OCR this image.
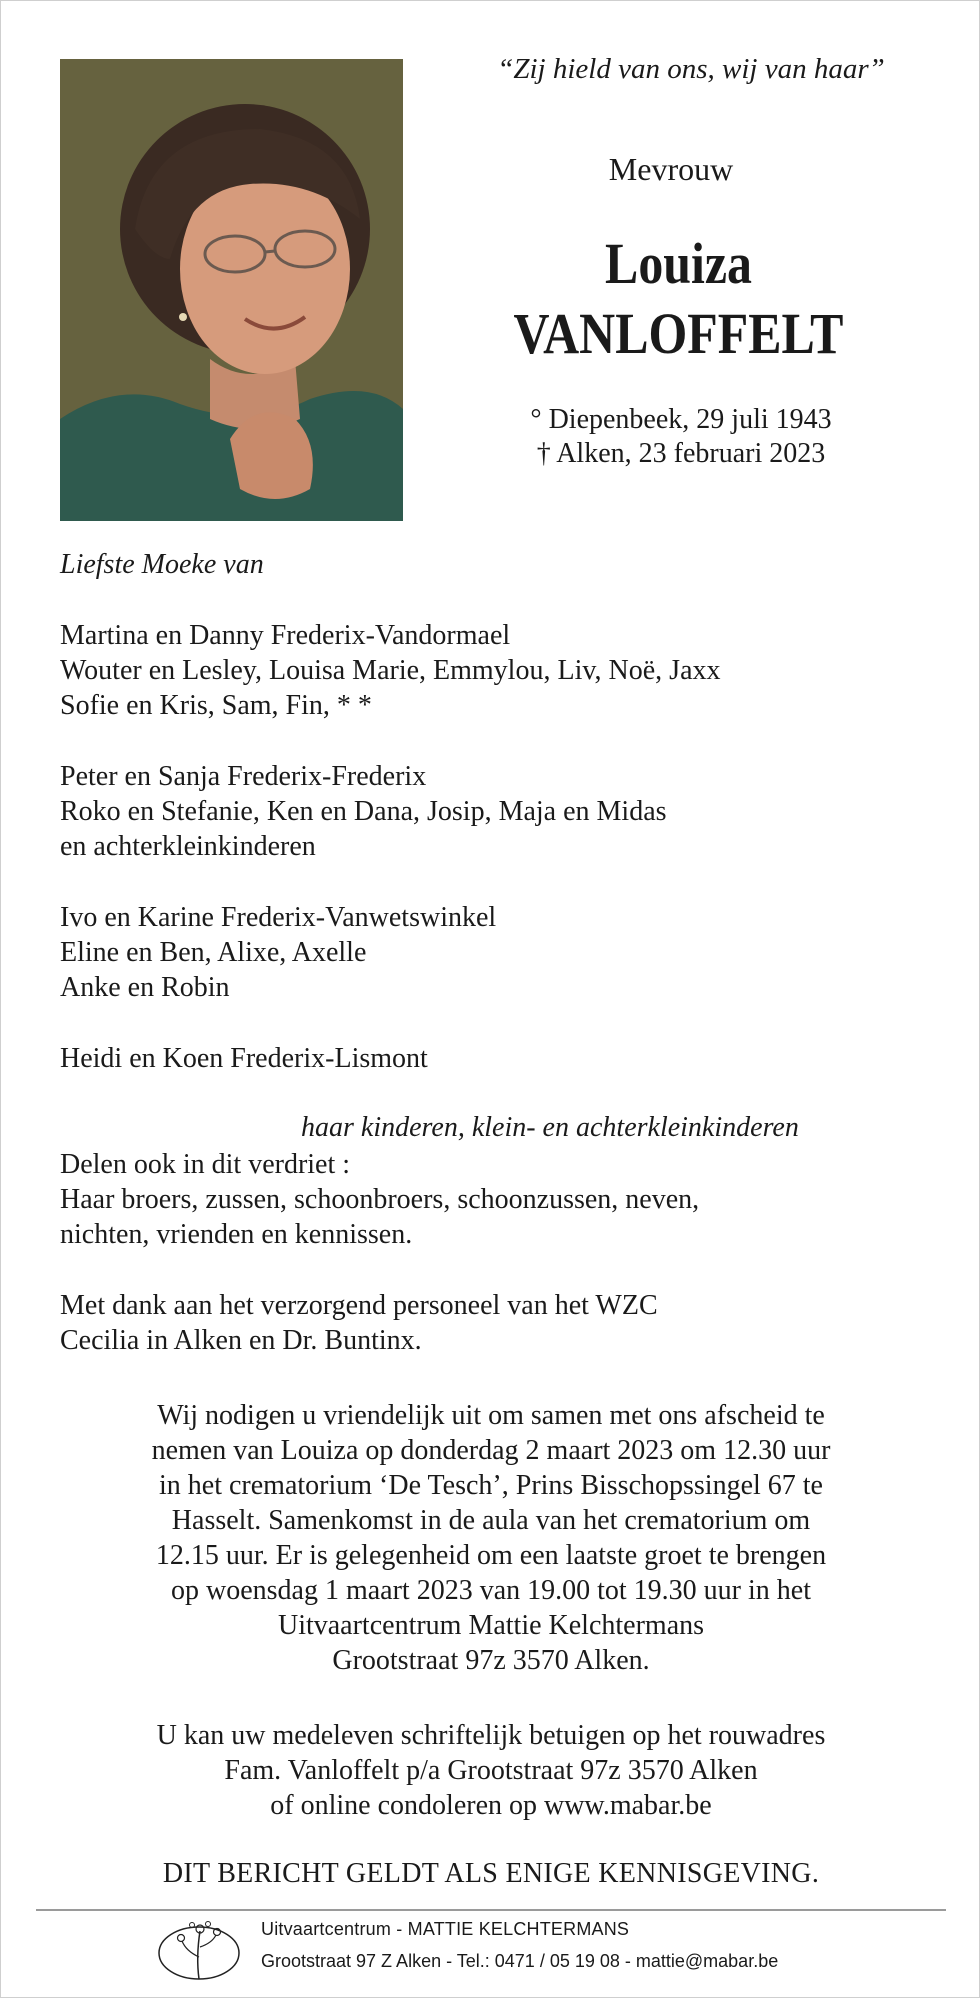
“Zij hield van ons, wij van haar”
Mevrouw
Louiza
VANLOFFELT
° Diepenbeek, 29 juli 1943
† Alken, 23 februari 2023
Liefste Moeke van
Martina en Danny Frederix-Vandormael
Wouter en Lesley, Louisa Marie, Emmylou, Liv, Noë, Jaxx
Sofie en Kris, Sam, Fin, * *
Peter en Sanja Frederix-Frederix
Roko en Stefanie, Ken en Dana, Josip, Maja en Midas
en achterkleinkinderen
Ivo en Karine Frederix-Vanwetswinkel
Eline en Ben, Alixe, Axelle
Anke en Robin
Heidi en Koen Frederix-Lismont
haar kinderen, klein- en achterkleinkinderen
Delen ook in dit verdriet :
Haar broers, zussen, schoonbroers, schoonzussen, neven,
nichten, vrienden en kennissen.
Met dank aan het verzorgend personeel van het WZC
Cecilia in Alken en Dr. Buntinx.
Wij nodigen u vriendelijk uit om samen met ons afscheid te
nemen van Louiza op donderdag 2 maart 2023 om 12.30 uur
in het crematorium ‘De Tesch’, Prins Bisschopssingel 67 te
Hasselt. Samenkomst in de aula van het crematorium om
12.15 uur. Er is gelegenheid om een laatste groet te brengen
op woensdag 1 maart 2023 van 19.00 tot 19.30 uur in het
Uitvaartcentrum Mattie Kelchtermans
Grootstraat 97z 3570 Alken.
U kan uw medeleven schriftelijk betuigen op het rouwadres
Fam. Vanloffelt p/a Grootstraat 97z 3570 Alken
of online condoleren op www.mabar.be
DIT BERICHT GELDT ALS ENIGE KENNISGEVING.
Uitvaartcentrum - MATTIE KELCHTERMANS
Grootstraat 97 Z Alken - Tel.: 0471 / 05 19 08 - mattie@mabar.be
